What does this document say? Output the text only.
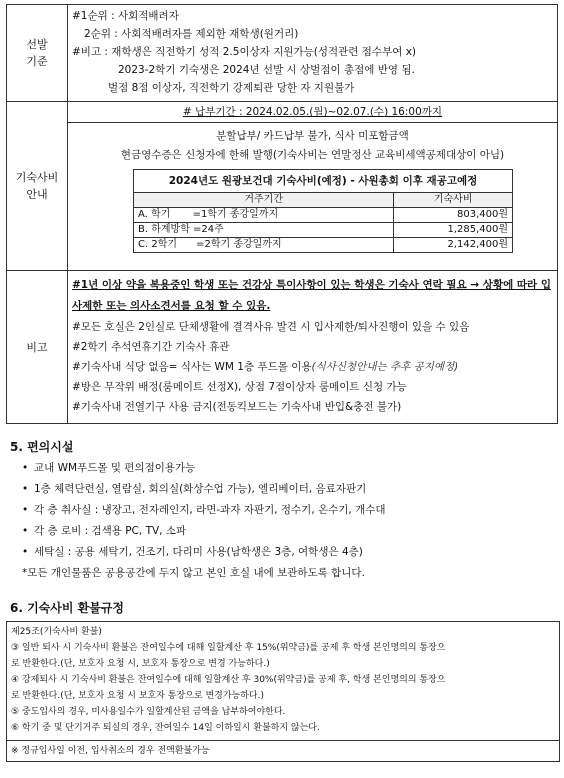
선발
기준	
#1순위 : 사회적배려자
2순위 : 사회적배려자를 제외한 재학생(원거리)
#비고 : 재학생은 직전학기 성적 2.5이상자 지원가능(성적관련 점수부여 x)
2023-2학기 기숙생은 2024년 선발 시 상벌점이 총점에 반영 됨.
벌점 8점 이상자, 직전학기 강제퇴관 당한 자 지원불가

기숙사비
안내	
# 납부기간 : 2024.02.05.(월)~02.07.(수) 16:00까지
분할납부/ 카드납부 불가, 식사 미포함금액
현금영수증은 신청자에 한해 발행(기숙사비는 연말정산 교육비세액공제대상이 아님)
2024년도 원광보건대 기숙사비(예정) - 사원총회 이후 재공고예정
거주기간	기숙사비
A. 학기       =1학기 종강일까지	803,400원
B. 하계방학 =24주	1,285,400원
C. 2학기      =2학기 종강일까지	2,142,400원

비고	
#1년 이상 약을 복용중인 학생 또는 건강상 특이사항이 있는 학생은 기숙사 연락 필요 → 상황에 따라 입사제한 또는 의사소견서를 요청 할 수 있음.
#모든 호실은 2인실로 단체생활에 결격사유 발견 시 입사제한/퇴사진행이 있을 수 있음
#2학기 추석연휴기간 기숙사 휴관
#기숙사내 식당 없음= 식사는 WM 1층 푸드몰 이용(식사신청안내는 추후 공지예정)
#방은 무작위 배정(룸메이트 선정X), 상점 7점이상자 룸메이트 신청 가능
#기숙사내 전열기구 사용 금지(전동킥보드는 기숙사내 반입&충전 불가)
5. 편의시설
• 교내 WM푸드몰 및 편의점이용가능
• 1층 체력단련실, 열람실, 회의실(화상수업 가능), 엘리베이터, 음료자판기
• 각 층 취사실 : 냉장고, 전자레인지, 라면-과자 자판기, 정수기, 온수기, 개수대
• 각 층 로비 : 검색용 PC, TV, 소파
• 세탁실 : 공용 세탁기, 건조기, 다리미 사용(남학생은 3층, 여학생은 4층)
*모든 개인물품은 공용공간에 두지 않고 본인 호실 내에 보관하도록 합니다.
6. 기숙사비 환불규정
제25조(기숙사비 환불)
③ 일반 퇴사 시 기숙사비 환불은 잔여일수에 대해 일할계산 후 15%(위약금)를 공제 후 학생 본인명의의 통장으
로 반환한다.(단, 보호자 요청 시, 보호자 통장으로 변경 가능하다.)
④ 강제퇴사 시 기숙사비 환불은 잔여일수에 대해 일할계산 후 30%(위약금)를 공제 후, 학생 본인명의의 통장으
로 반환한다.(단, 보호자 요청 시 보호자 통장으로 변경가능하다.)
⑤ 중도입사의 경우, 미사용일수가 일할계산된 금액을 납부하여야한다.
⑥ 학기 중 및 단기거주 퇴실의 경우, 잔여일수 14일 이하일시 환불하지 않는다.
※ 정규입사일 이전, 입사취소의 경우 전액환불가능
